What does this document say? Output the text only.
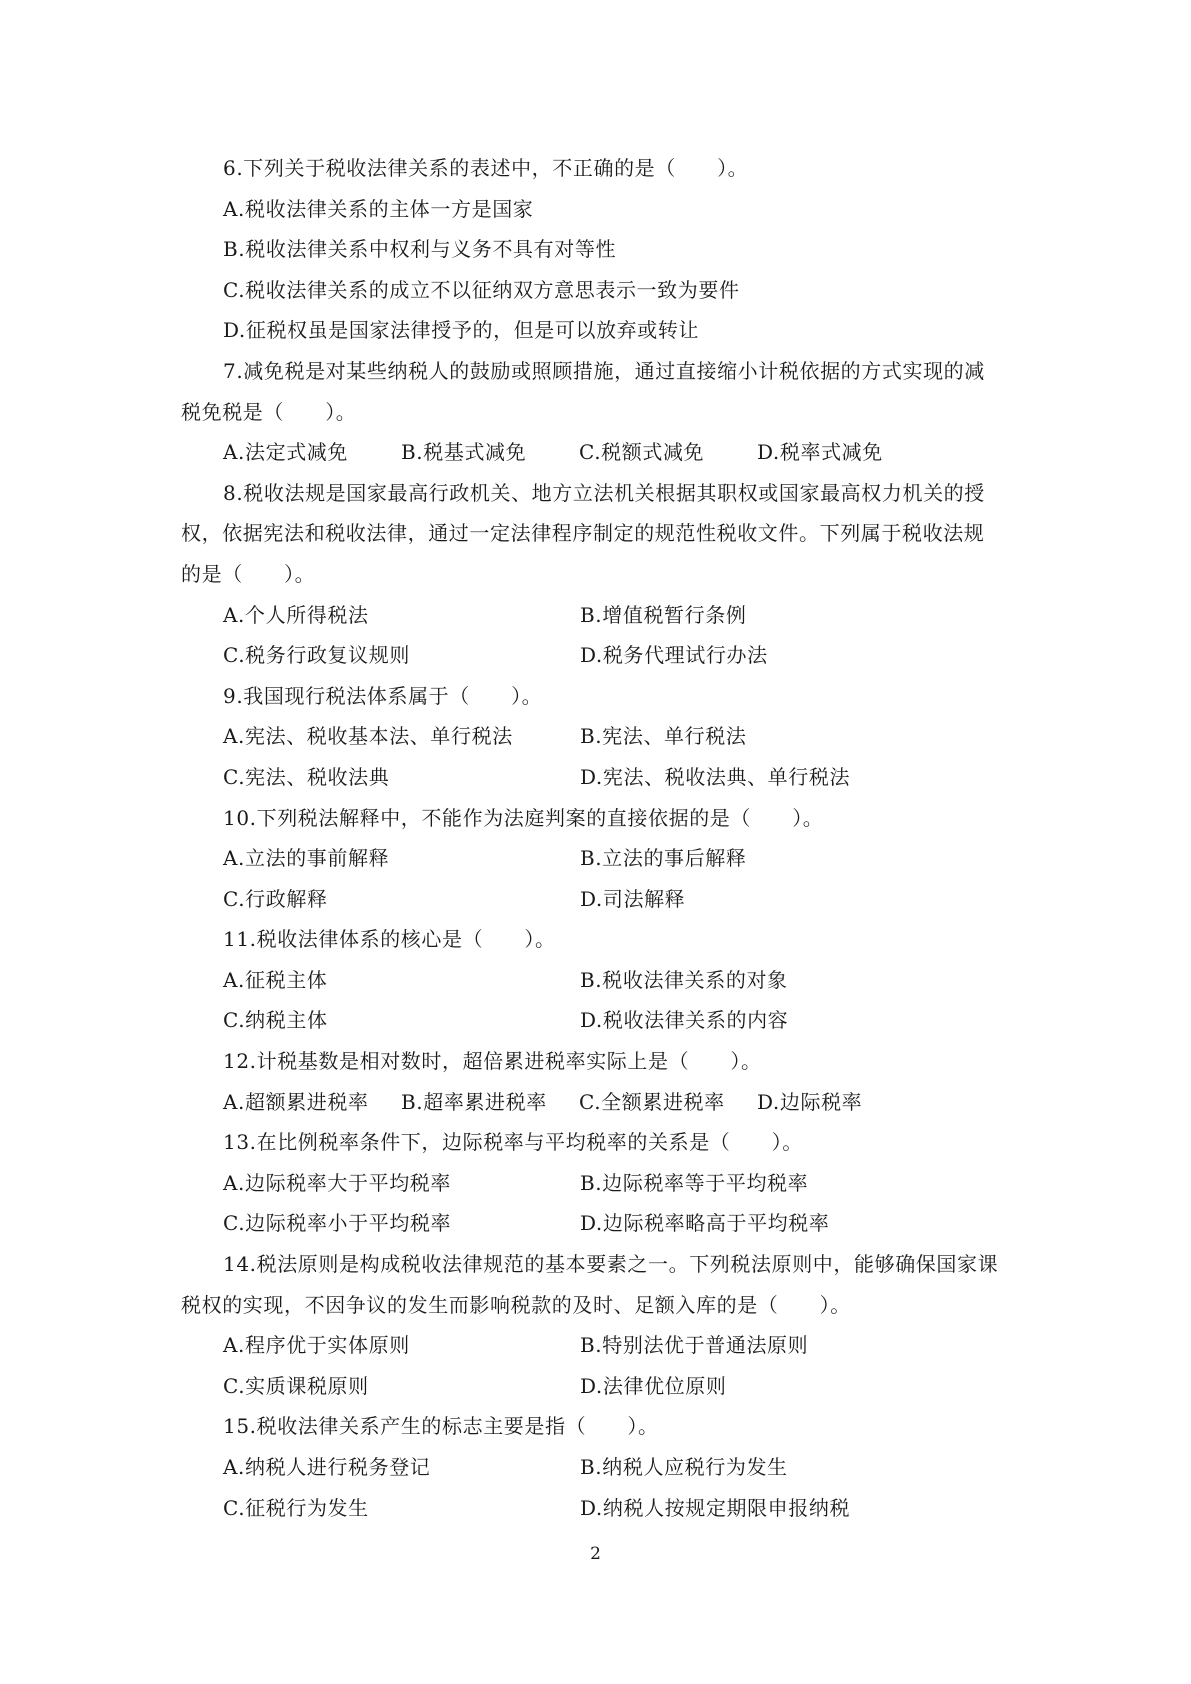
6.下列关于税收法律关系的表述中，不正确的是（　　）。
A.税收法律关系的主体一方是国家
B.税收法律关系中权利与义务不具有对等性
C.税收法律关系的成立不以征纳双方意思表示一致为要件
D.征税权虽是国家法律授予的，但是可以放弃或转让
7.减免税是对某些纳税人的鼓励或照顾措施，通过直接缩小计税依据的方式实现的减
税免税是（　　）。
A.法定式减免	B.税基式减免	C.税额式减免	D.税率式减免
8.税收法规是国家最高行政机关、地方立法机关根据其职权或国家最高权力机关的授
权，依据宪法和税收法律，通过一定法律程序制定的规范性税收文件。下列属于税收法规
的是（　　）。
A.个人所得税法	B.增值税暂行条例
C.税务行政复议规则	D.税务代理试行办法
9.我国现行税法体系属于（　　）。
A.宪法、税收基本法、单行税法	B.宪法、单行税法
C.宪法、税收法典	D.宪法、税收法典、单行税法
10.下列税法解释中，不能作为法庭判案的直接依据的是（　　）。
A.立法的事前解释	B.立法的事后解释
C.行政解释	D.司法解释
11.税收法律体系的核心是（　　）。
A.征税主体	B.税收法律关系的对象
C.纳税主体	D.税收法律关系的内容
12.计税基数是相对数时，超倍累进税率实际上是（　　）。
A.超额累进税率	B.超率累进税率	C.全额累进税率	D.边际税率
13.在比例税率条件下，边际税率与平均税率的关系是（　　）。
A.边际税率大于平均税率	B.边际税率等于平均税率
C.边际税率小于平均税率	D.边际税率略高于平均税率
14.税法原则是构成税收法律规范的基本要素之一。下列税法原则中，能够确保国家课
税权的实现，不因争议的发生而影响税款的及时、足额入库的是（　　）。
A.程序优于实体原则	B.特别法优于普通法原则
C.实质课税原则	D.法律优位原则
15.税收法律关系产生的标志主要是指（　　）。
A.纳税人进行税务登记	B.纳税人应税行为发生
C.征税行为发生	D.纳税人按规定期限申报纳税
2
